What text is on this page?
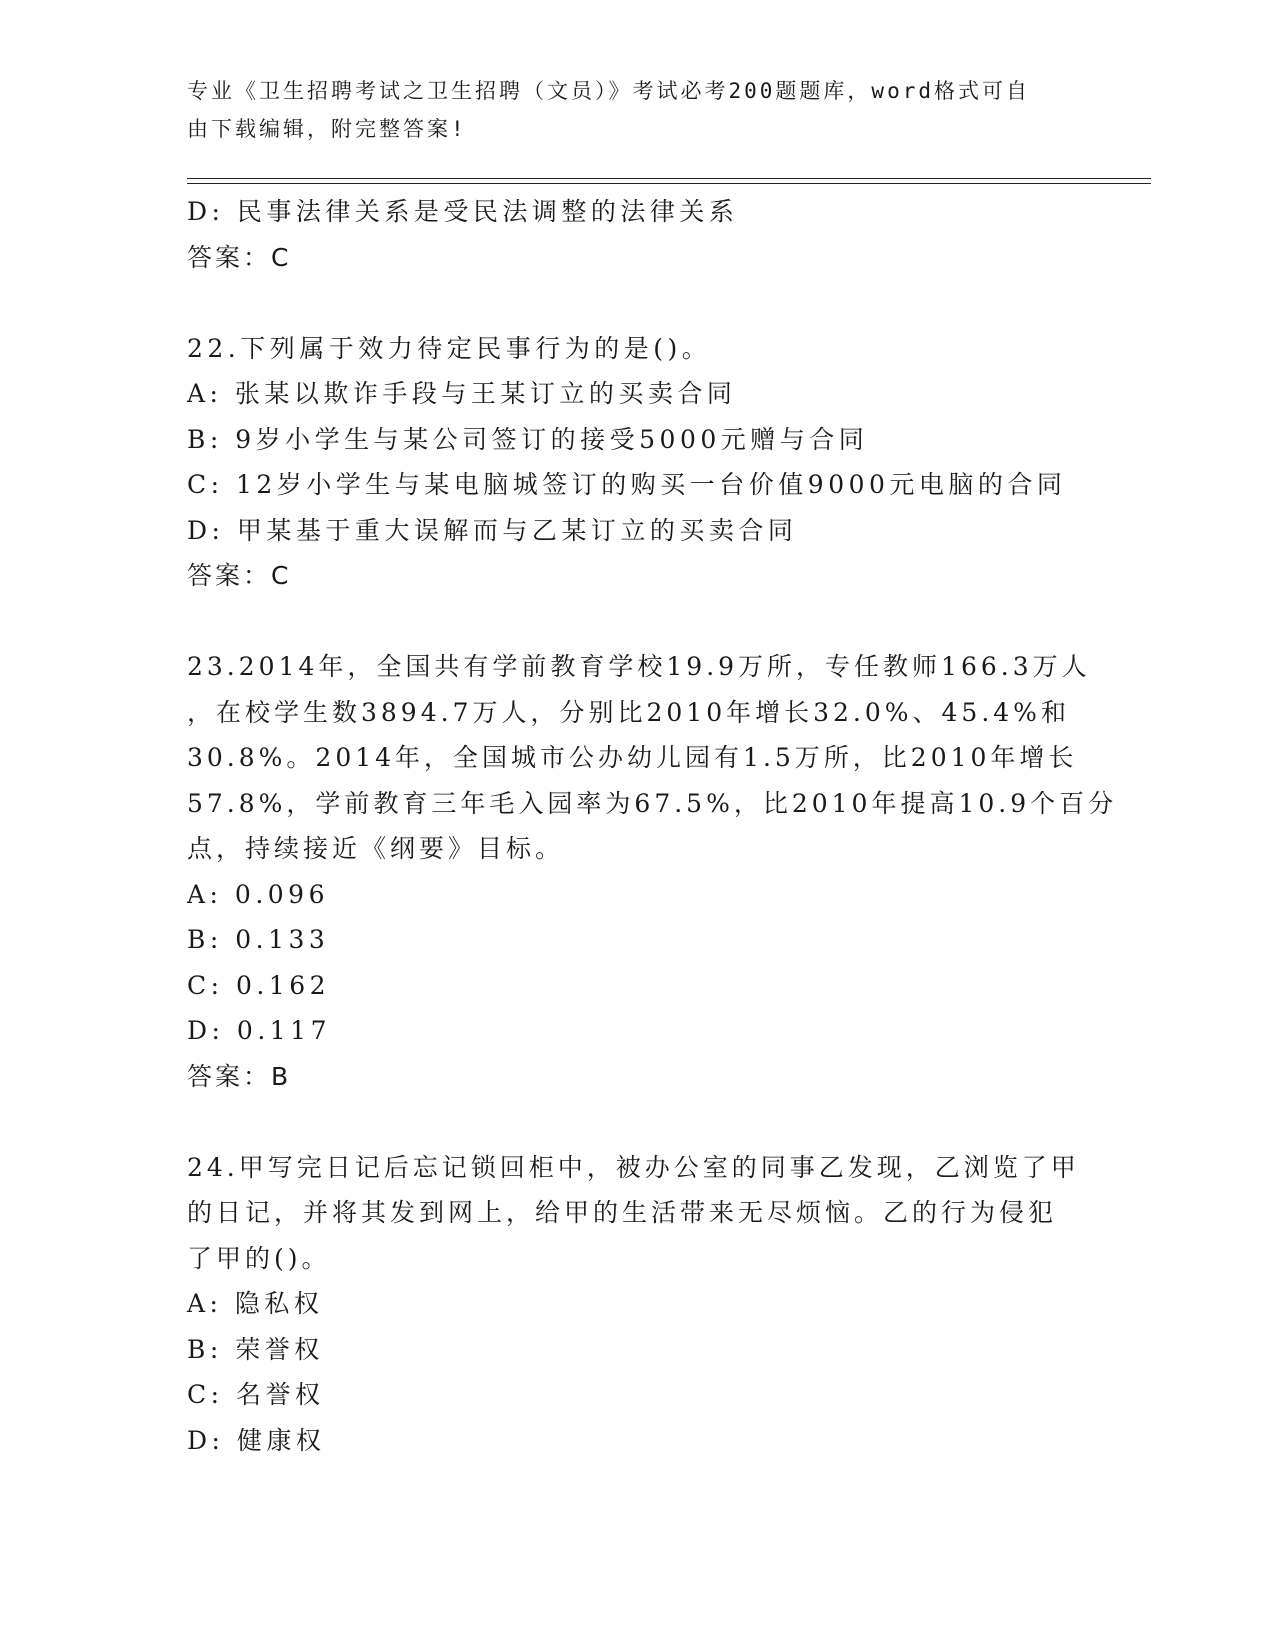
专业《卫生招聘考试之卫生招聘（文员）》考试必考200题题库，word格式可自
由下载编辑，附完整答案!
D: 民事法律关系是受民法调整的法律关系
答案：C
22.下列属于效力待定民事行为的是()。
A: 张某以欺诈手段与王某订立的买卖合同
B: 9岁小学生与某公司签订的接受5000元赠与合同
C: 12岁小学生与某电脑城签订的购买一台价值9000元电脑的合同
D: 甲某基于重大误解而与乙某订立的买卖合同
答案：C
23.2014年，全国共有学前教育学校19.9万所，专任教师166.3万人
，在校学生数3894.7万人，分别比2010年增长32.0%、45.4%和
30.8%。2014年，全国城市公办幼儿园有1.5万所，比2010年增长
57.8%，学前教育三年毛入园率为67.5%，比2010年提高10.9个百分
点，持续接近《纲要》目标。
A: 0.096
B: 0.133
C: 0.162
D: 0.117
答案：B
24.甲写完日记后忘记锁回柜中，被办公室的同事乙发现，乙浏览了甲
的日记，并将其发到网上，给甲的生活带来无尽烦恼。乙的行为侵犯
了甲的()。
A: 隐私权
B: 荣誉权
C: 名誉权
D: 健康权
